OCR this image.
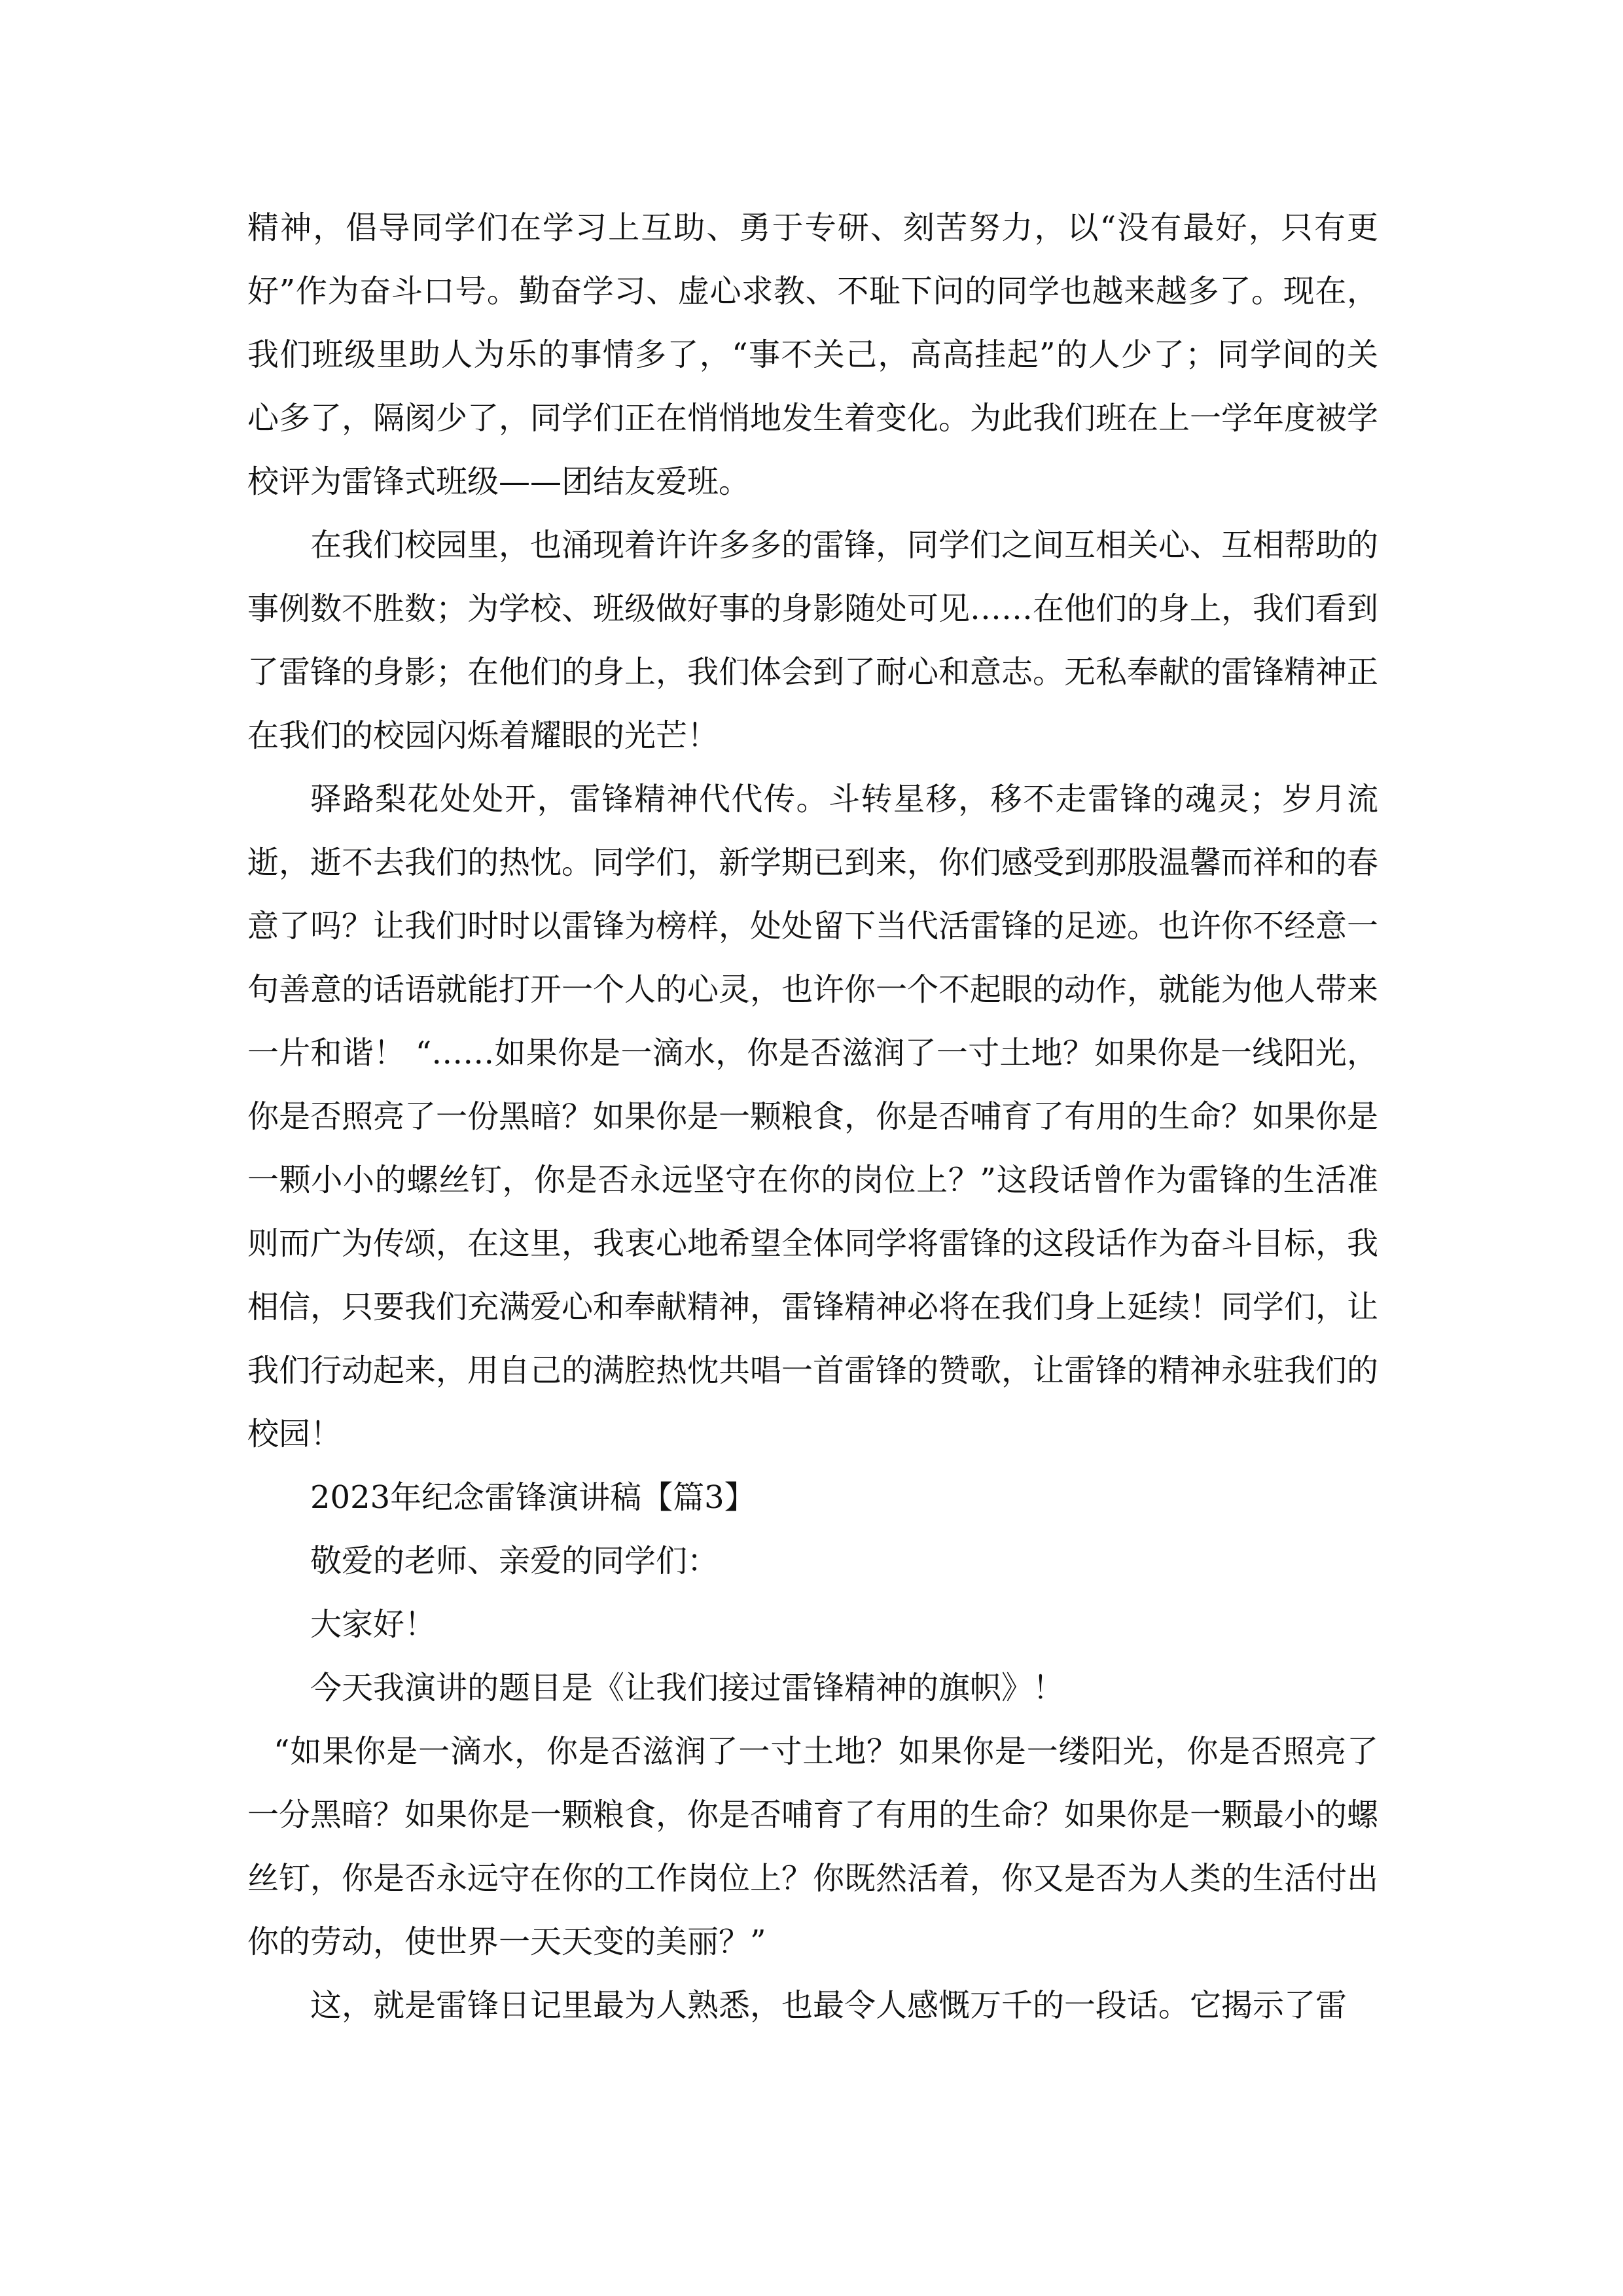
精神，倡导同学们在学习上互助、勇于专研、刻苦努力，以“没有最好，只有更好”作为奋斗口号。勤奋学习、虚心求教、不耻下问的同学也越来越多了。现在，我们班级里助人为乐的事情多了，“事不关己，高高挂起”的人少了；同学间的关心多了，隔阂少了，同学们正在悄悄地发生着变化。为此我们班在上一学年度被学校评为雷锋式班级——团结友爱班。

在我们校园里，也涌现着许许多多的雷锋，同学们之间互相关心、互相帮助的事例数不胜数；为学校、班级做好事的身影随处可见……在他们的身上，我们看到了雷锋的身影；在他们的身上，我们体会到了耐心和意志。无私奉献的雷锋精神正在我们的校园闪烁着耀眼的光芒！

驿路梨花处处开，雷锋精神代代传。斗转星移，移不走雷锋的魂灵；岁月流逝，逝不去我们的热忱。同学们，新学期已到来，你们感受到那股温馨而祥和的春意了吗？让我们时时以雷锋为榜样，处处留下当代活雷锋的足迹。也许你不经意一句善意的话语就能打开一个人的心灵，也许你一个不起眼的动作，就能为他人带来一片和谐！ “……如果你是一滴水，你是否滋润了一寸土地？如果你是一线阳光，你是否照亮了一份黑暗？如果你是一颗粮食，你是否哺育了有用的生命？如果你是一颗小小的螺丝钉，你是否永远坚守在你的岗位上？”这段话曾作为雷锋的生活准则而广为传颂，在这里，我衷心地希望全体同学将雷锋的这段话作为奋斗目标，我相信，只要我们充满爱心和奉献精神，雷锋精神必将在我们身上延续！同学们，让我们行动起来，用自己的满腔热忱共唱一首雷锋的赞歌，让雷锋的精神永驻我们的校园！

2023年纪念雷锋演讲稿【篇3】

敬爱的老师、亲爱的同学们：

大家好！

今天我演讲的题目是《让我们接过雷锋精神的旗帜》！

“如果你是一滴水，你是否滋润了一寸土地？如果你是一缕阳光，你是否照亮了一分黑暗？如果你是一颗粮食，你是否哺育了有用的生命？如果你是一颗最小的螺丝钉，你是否永远守在你的工作岗位上？你既然活着，你又是否为人类的生活付出你的劳动，使世界一天天变的美丽？”

这，就是雷锋日记里最为人熟悉，也最令人感慨万千的一段话。它揭示了雷
